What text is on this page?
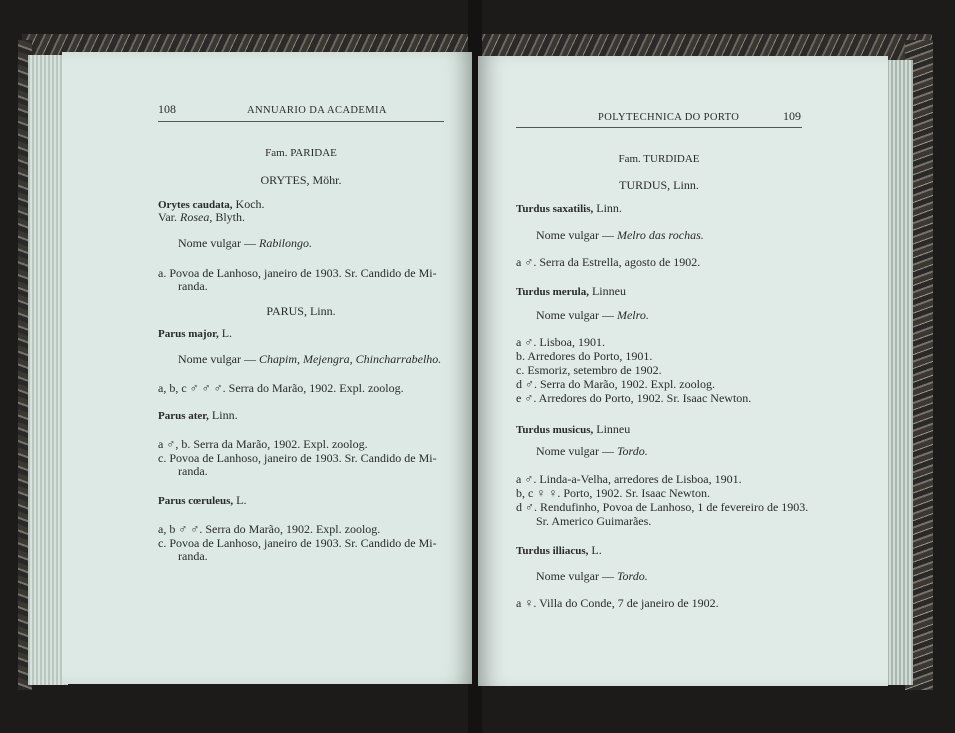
108	ANNUARIO DA ACADEMIA
Fam. PARIDAE
ORYTES, Möhr.
Orytes caudata, Koch.
Var. Rosea, Blyth.
Nome vulgar — Rabilongo.
a. Povoa de Lanhoso, janeiro de 1903. Sr. Candido de Mi-
randa.
PARUS, Linn.
Parus major, L.
Nome vulgar — Chapim, Mejengra, Chincharrabelho.
a, b, c ♂ ♂ ♂. Serra do Marão, 1902. Expl. zoolog.
Parus ater, Linn.
a ♂, b. Serra da Marão, 1902. Expl. zoolog.
c. Povoa de Lanhoso, janeiro de 1903. Sr. Candido de Mi-
randa.
Parus cœruleus, L.
a, b ♂ ♂. Serra do Marão, 1902. Expl. zoolog.
c. Povoa de Lanhoso, janeiro de 1903. Sr. Candido de Mi-
randa.
POLYTECHNICA DO PORTO	109
Fam. TURDIDAE
TURDUS, Linn.
Turdus saxatilis, Linn.
Nome vulgar — Melro das rochas.
a ♂. Serra da Estrella, agosto de 1902.
Turdus merula, Linneu
Nome vulgar — Melro.
a ♂. Lisboa, 1901.
b. Arredores do Porto, 1901.
c. Esmoriz, setembro de 1902.
d ♂. Serra do Marão, 1902. Expl. zoolog.
e ♂. Arredores do Porto, 1902. Sr. Isaac Newton.
Turdus musicus, Linneu
Nome vulgar — Tordo.
a ♂. Linda-a-Velha, arredores de Lisboa, 1901.
b, c ♀ ♀. Porto, 1902. Sr. Isaac Newton.
d ♂. Rendufinho, Povoa de Lanhoso, 1 de fevereiro de 1903.
Sr. Americo Guimarães.
Turdus illiacus, L.
Nome vulgar — Tordo.
a ♀. Villa do Conde, 7 de janeiro de 1902.
